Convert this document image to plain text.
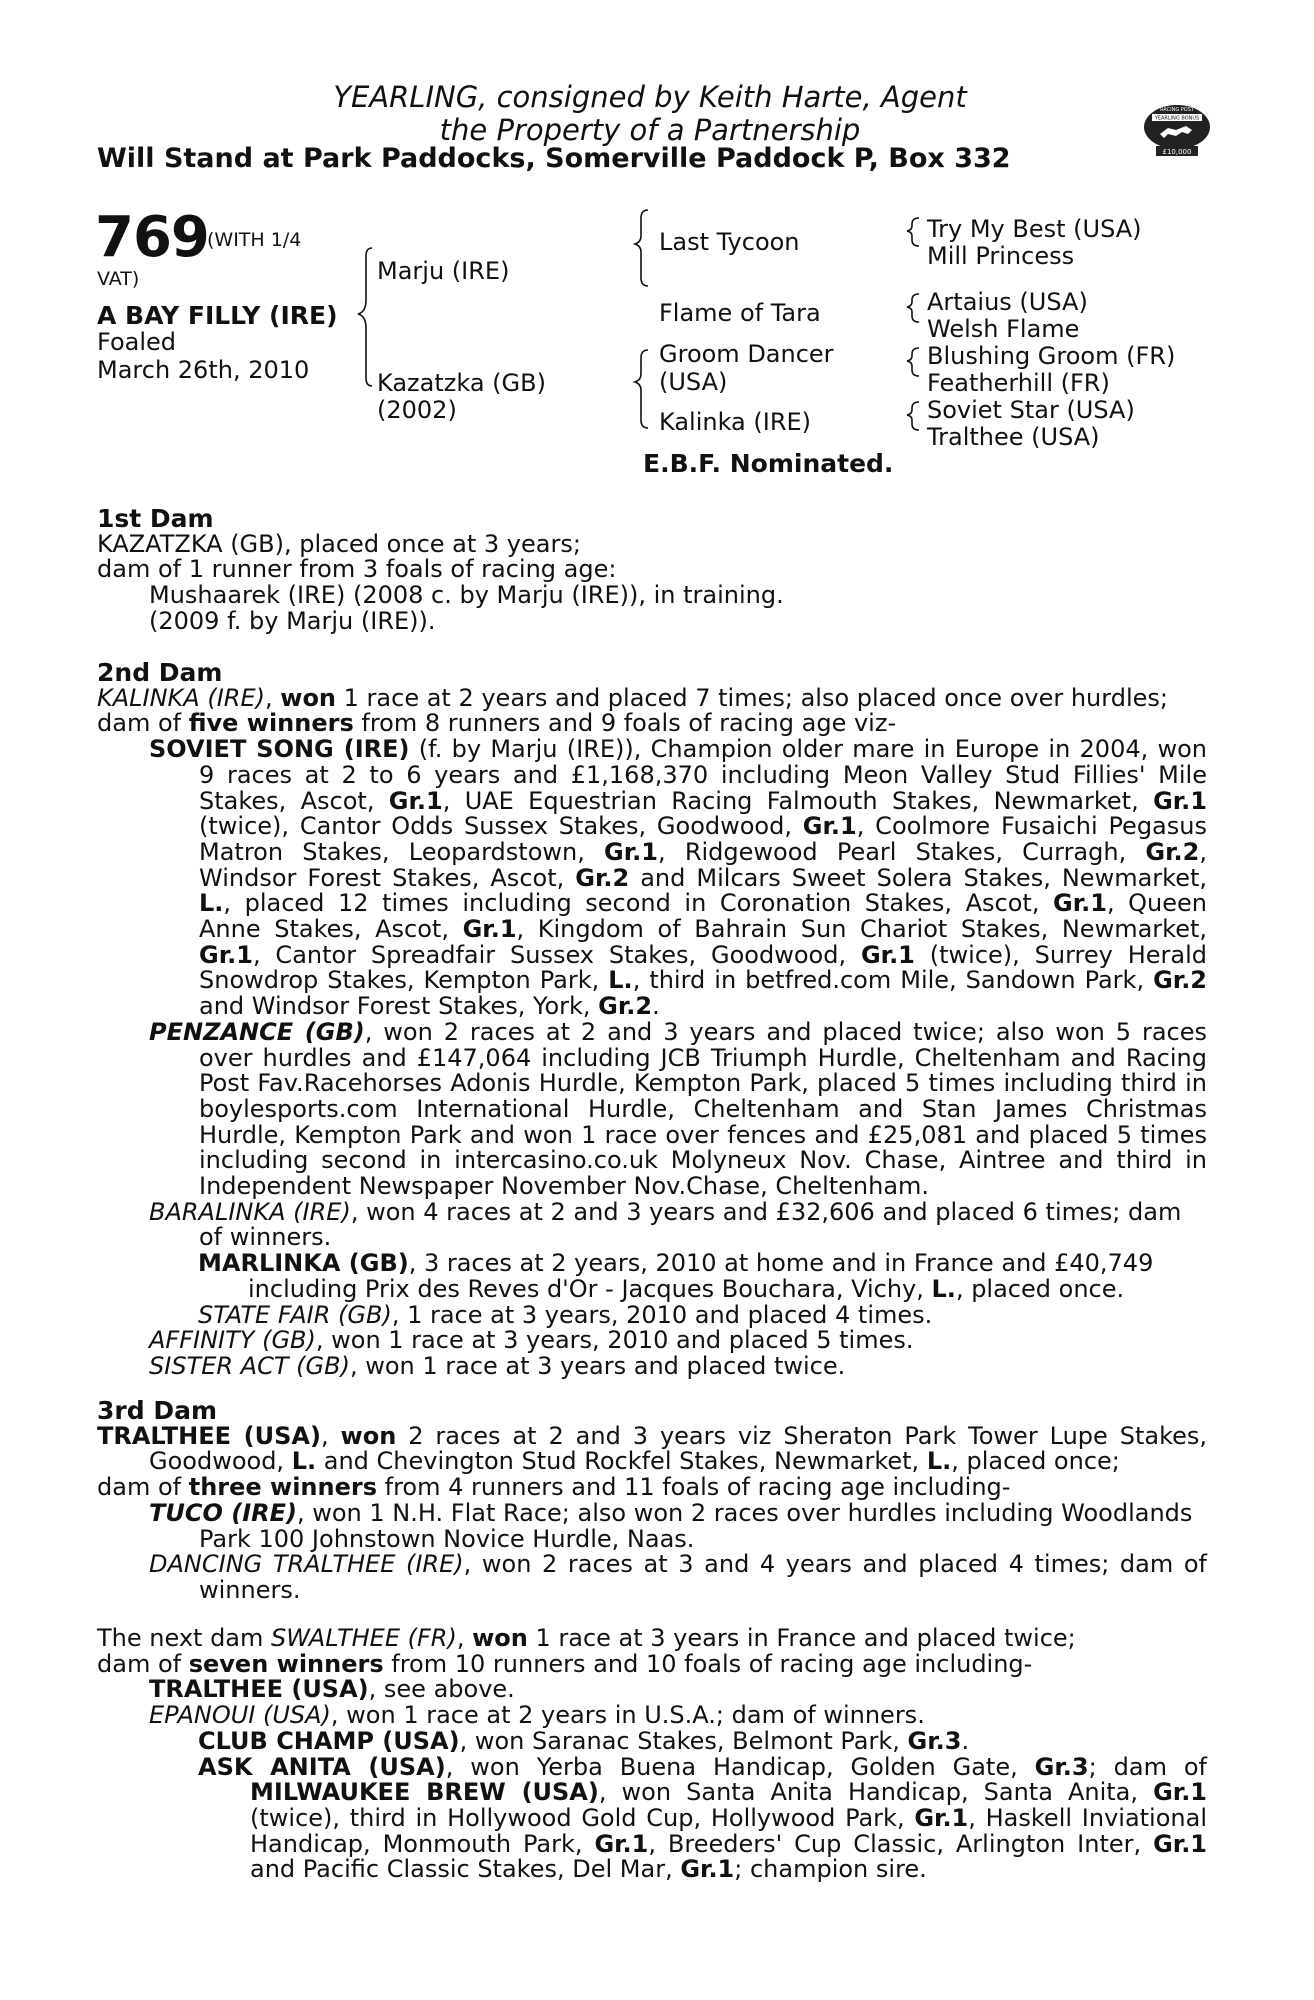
YEARLING, consigned by Keith Harte, Agent
the Property of a Partnership
Will Stand at Park Paddocks, Somerville Paddock P, Box 332
RACING POST
YEARLING BONUS
£10,000
769
(WITH 1/4
VAT)
A BAY FILLY (IRE)
Foaled
March 26th, 2010
Marju (IRE)
Kazatzka (GB)
(2002)
Last Tycoon
Flame of Tara
Groom Dancer
(USA)
Kalinka (IRE)
Try My Best (USA)
Mill Princess
Artaius (USA)
Welsh Flame
Blushing Groom (FR)
Featherhill (FR)
Soviet Star (USA)
Tralthee (USA)
E.B.F. Nominated.

1st Dam

KAZATZKA (GB), placed once at 3 years;

dam of 1 runner from 3 foals of racing age:

Mushaarek (IRE) (2008 c. by Marju (IRE)), in training.

(2009 f. by Marju (IRE)).

2nd Dam

KALINKA (IRE), won 1 race at 2 years and placed 7 times; also placed once over hurdles;

dam of five winners from 8 runners and 9 foals of racing age viz-

SOVIET SONG (IRE) (f. by Marju (IRE)), Champion older mare in Europe in 2004, won 9 races at 2 to 6 years and £1,168,370 including Meon Valley Stud Fillies' Mile Stakes, Ascot, Gr.1, UAE Equestrian Racing Falmouth Stakes, Newmarket, Gr.1 (twice), Cantor Odds Sussex Stakes, Goodwood, Gr.1, Coolmore Fusaichi Pegasus Matron Stakes, Leopardstown, Gr.1, Ridgewood Pearl Stakes, Curragh, Gr.2, Windsor Forest Stakes, Ascot, Gr.2 and Milcars Sweet Solera Stakes, Newmarket, L., placed 12 times including second in Coronation Stakes, Ascot, Gr.1, Queen Anne Stakes, Ascot, Gr.1, Kingdom of Bahrain Sun Chariot Stakes, Newmarket, Gr.1, Cantor Spreadfair Sussex Stakes, Goodwood, Gr.1 (twice), Surrey Herald Snowdrop Stakes, Kempton Park, L., third in betfred.com Mile, Sandown Park, Gr.2 and Windsor Forest Stakes, York, Gr.2.

PENZANCE (GB), won 2 races at 2 and 3 years and placed twice; also won 5 races over hurdles and £147,064 including JCB Triumph Hurdle, Cheltenham and Racing Post Fav.Racehorses Adonis Hurdle, Kempton Park, placed 5 times including third in boylesports.com International Hurdle, Cheltenham and Stan James Christmas Hurdle, Kempton Park and won 1 race over fences and £25,081 and placed 5 times including second in intercasino.co.uk Molyneux Nov. Chase, Aintree and third in Independent Newspaper November Nov.Chase, Cheltenham.

BARALINKA (IRE), won 4 races at 2 and 3 years and £32,606 and placed 6 times; dam of winners.

MARLINKA (GB), 3 races at 2 years, 2010 at home and in France and £40,749 including Prix des Reves d'Or - Jacques Bouchara, Vichy, L., placed once.

STATE FAIR (GB), 1 race at 3 years, 2010 and placed 4 times.

AFFINITY (GB), won 1 race at 3 years, 2010 and placed 5 times.

SISTER ACT (GB), won 1 race at 3 years and placed twice.

3rd Dam

TRALTHEE (USA), won 2 races at 2 and 3 years viz Sheraton Park Tower Lupe Stakes, Goodwood, L. and Chevington Stud Rockfel Stakes, Newmarket, L., placed once;

dam of three winners from 4 runners and 11 foals of racing age including-

TUCO (IRE), won 1 N.H. Flat Race; also won 2 races over hurdles including Woodlands Park 100 Johnstown Novice Hurdle, Naas.

DANCING TRALTHEE (IRE), won 2 races at 3 and 4 years and placed 4 times; dam of winners.

The next dam SWALTHEE (FR), won 1 race at 3 years in France and placed twice;

dam of seven winners from 10 runners and 10 foals of racing age including-

TRALTHEE (USA), see above.

EPANOUI (USA), won 1 race at 2 years in U.S.A.; dam of winners.

CLUB CHAMP (USA), won Saranac Stakes, Belmont Park, Gr.3.

ASK ANITA (USA), won Yerba Buena Handicap, Golden Gate, Gr.3; dam of

MILWAUKEE BREW (USA), won Santa Anita Handicap, Santa Anita, Gr.1 (twice), third in Hollywood Gold Cup, Hollywood Park, Gr.1, Haskell Inviational Handicap, Monmouth Park, Gr.1, Breeders' Cup Classic, Arlington Inter, Gr.1 and Pacific Classic Stakes, Del Mar, Gr.1; champion sire.
